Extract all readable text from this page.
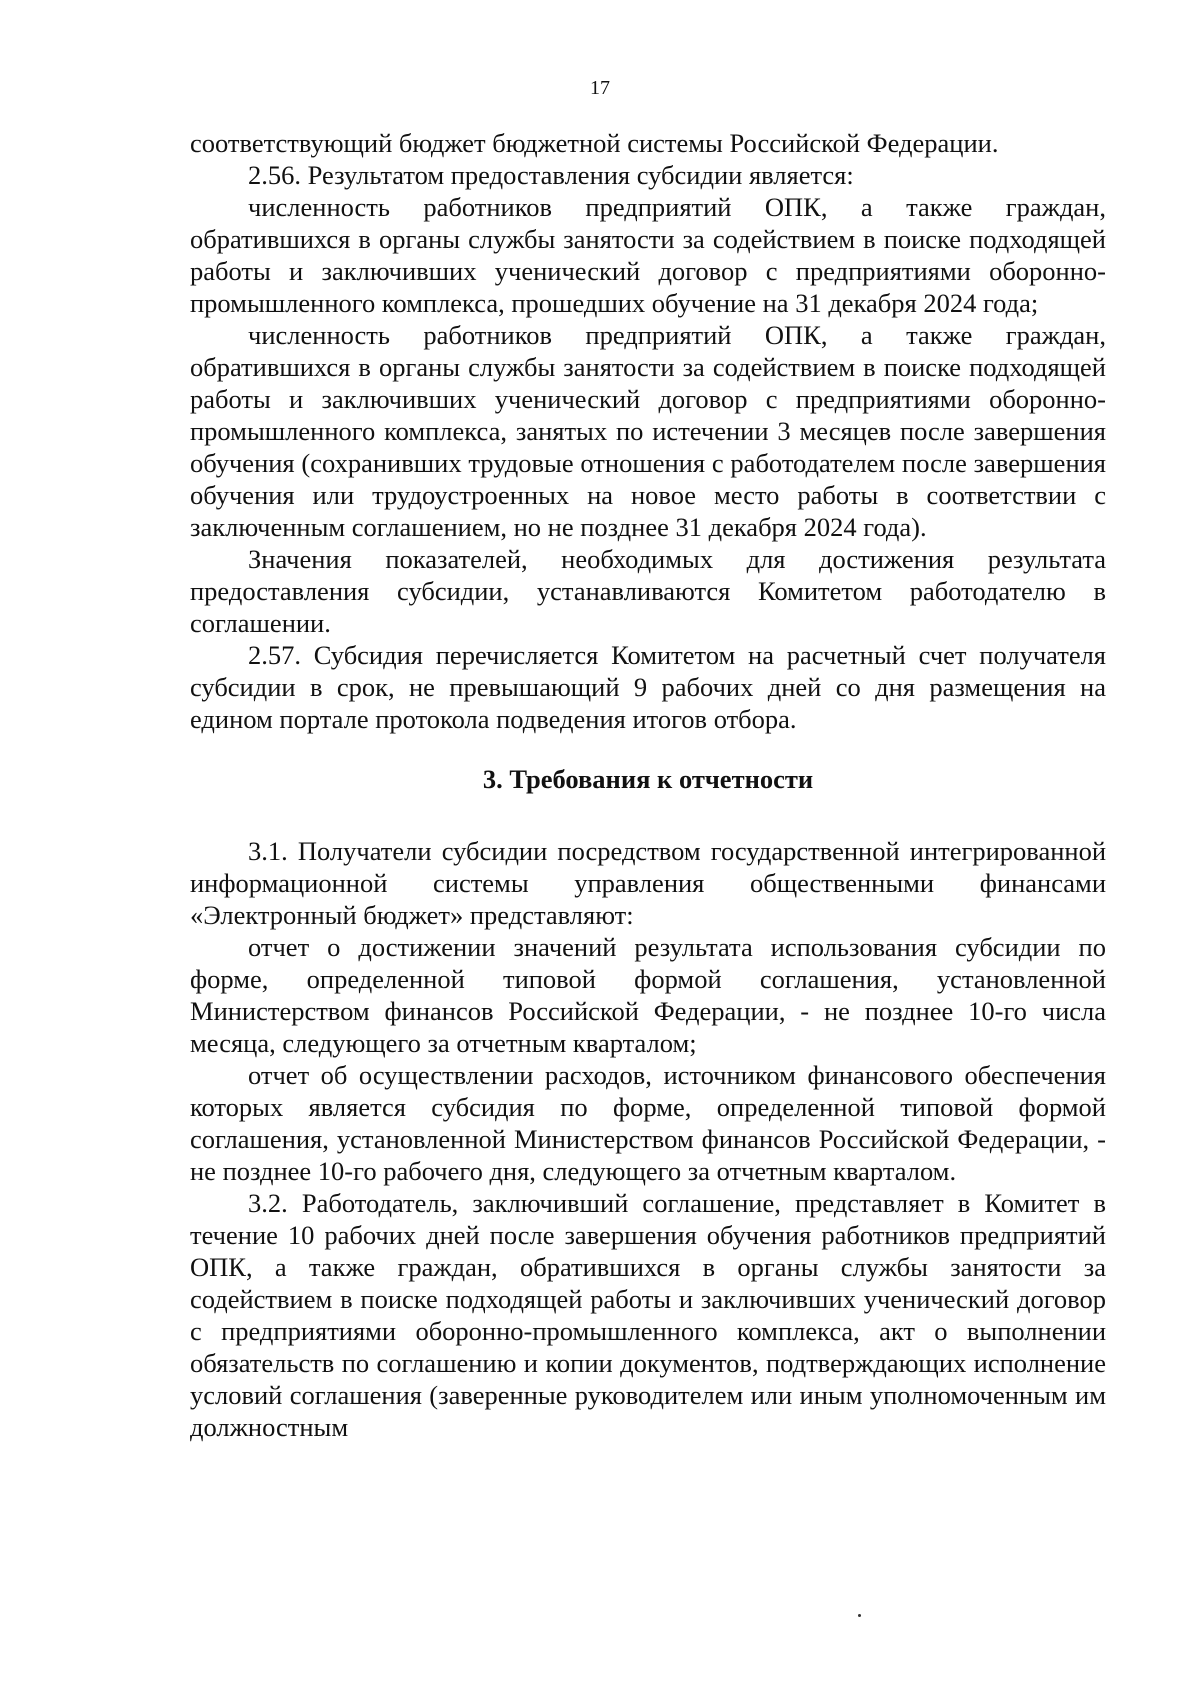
17

соответствующий бюджет бюджетной системы Российской Федерации.

2.56. Результатом предоставления субсидии является:

численность работников предприятий ОПК, а также граждан, обратившихся в органы службы занятости за содействием в поиске подходящей работы и заключивших ученический договор с предприятиями оборонно-промышленного комплекса, прошедших обучение на 31 декабря 2024 года;

численность работников предприятий ОПК, а также граждан, обратившихся в органы службы занятости за содействием в поиске подходящей работы и заключивших ученический договор с предприятиями оборонно-промышленного комплекса, занятых по истечении 3 месяцев после завершения обучения (сохранивших трудовые отношения с работодателем после завершения обучения или трудоустроенных на новое место работы в соответствии с заключенным соглашением, но не позднее 31 декабря 2024 года).

Значения показателей, необходимых для достижения результата предоставления субсидии, устанавливаются Комитетом работодателю в соглашении.

2.57. Субсидия перечисляется Комитетом на расчетный счет получателя субсидии в срок, не превышающий 9 рабочих дней со дня размещения на едином портале протокола подведения итогов отбора.

3. Требования к отчетности

3.1. Получатели субсидии посредством государственной интегрированной информационной системы управления общественными финансами «Электронный бюджет» представляют:

отчет о достижении значений результата использования субсидии по форме, определенной типовой формой соглашения, установленной Министерством финансов Российской Федерации, - не позднее 10-го числа месяца, следующего за отчетным кварталом;

отчет об осуществлении расходов, источником финансового обеспечения которых является субсидия по форме, определенной типовой формой соглашения, установленной Министерством финансов Российской Федерации, - не позднее 10-го рабочего дня, следующего за отчетным кварталом.

3.2. Работодатель, заключивший соглашение, представляет в Комитет в течение 10 рабочих дней после завершения обучения работников предприятий ОПК, а также граждан, обратившихся в органы службы занятости за содействием в поиске подходящей работы и заключивших ученический договор с предприятиями оборонно-промышленного комплекса, акт о выполнении обязательств по соглашению и копии документов, подтверждающих исполнение условий соглашения (заверенные руководителем или иным уполномоченным им должностным
